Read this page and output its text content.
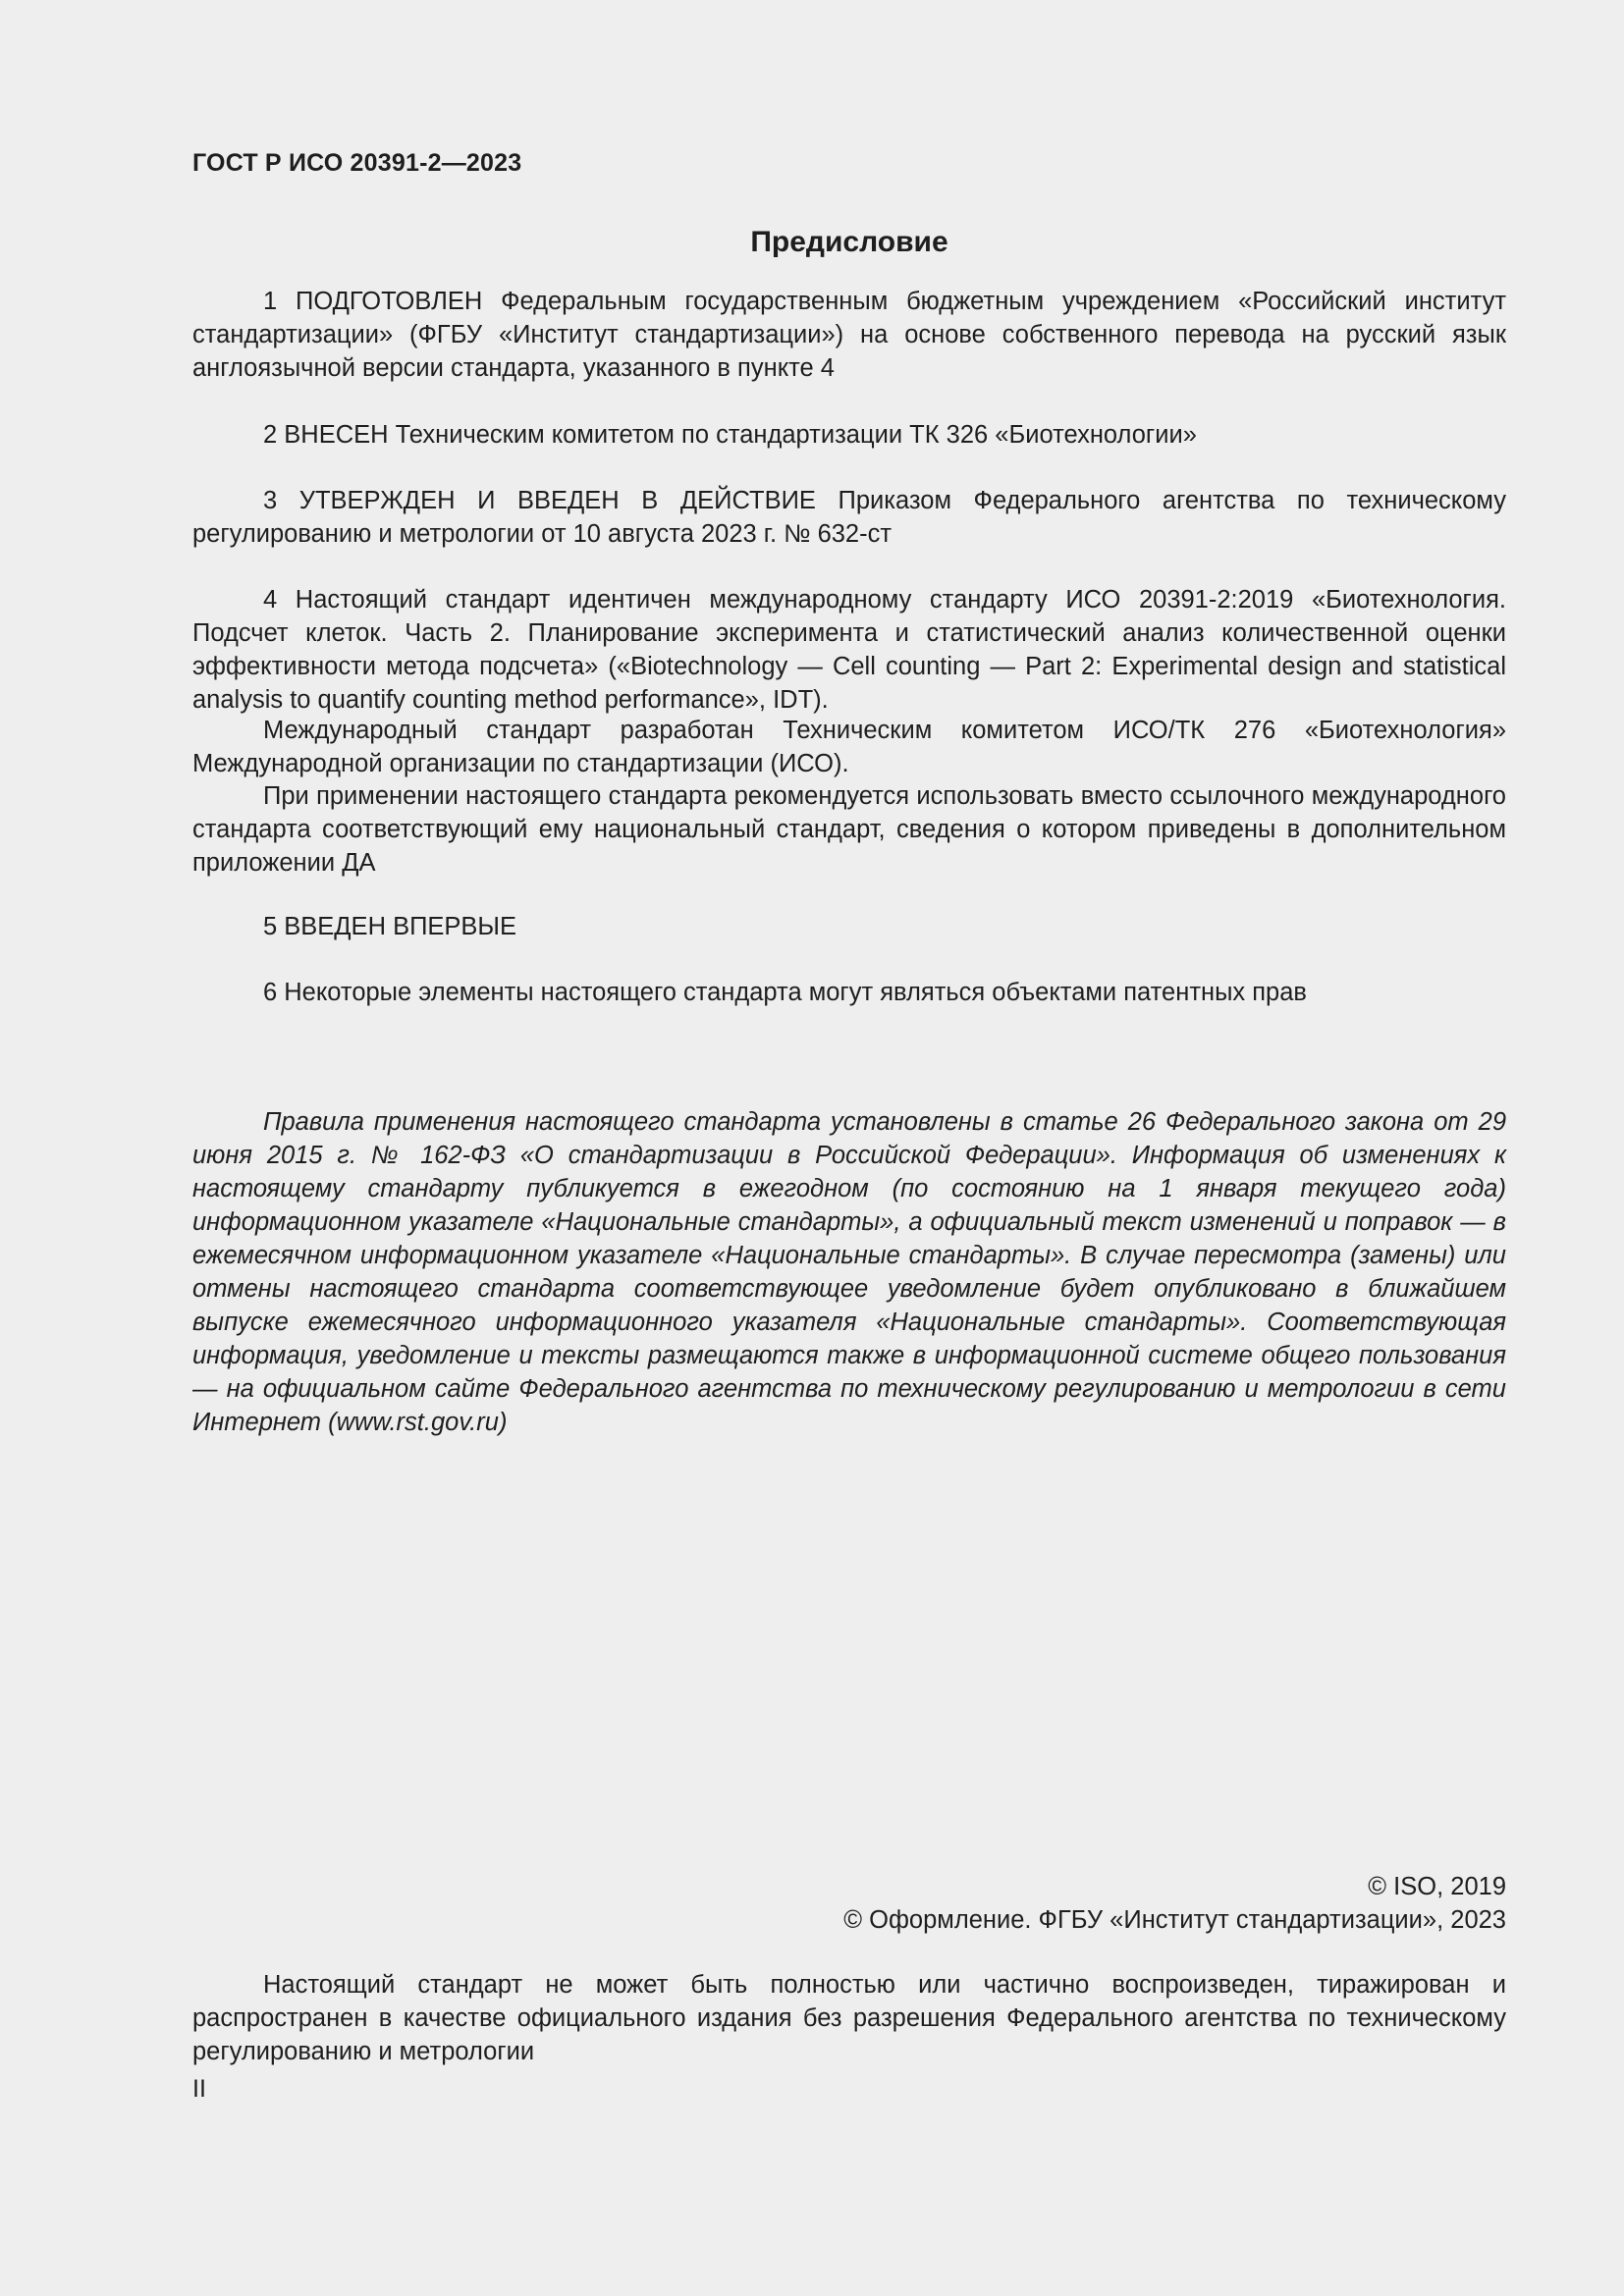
ГОСТ Р ИСО 20391-2—2023
Предисловие

1 ПОДГОТОВЛЕН Федеральным государственным бюджетным учреждением «Российский институт стандартизации» (ФГБУ «Институт стандартизации») на основе собственного перевода на русский язык англоязычной версии стандарта, указанного в пункте 4

2 ВНЕСЕН Техническим комитетом по стандартизации ТК 326 «Биотехнологии»

3 УТВЕРЖДЕН И ВВЕДЕН В ДЕЙСТВИЕ Приказом Федерального агентства по техническому регулированию и метрологии от 10 августа 2023 г. № 632-ст

4 Настоящий стандарт идентичен международному стандарту ИСО 20391-2:2019 «Биотехнология. Подсчет клеток. Часть 2. Планирование эксперимента и статистический анализ количественной оценки эффективности метода подсчета» («Biotechnology — Cell counting — Part 2: Experimental design and statistical analysis to quantify counting method performance», IDT).

Международный стандарт разработан Техническим комитетом ИСО/ТК 276 «Биотехнология» Международной организации по стандартизации (ИСО).

При применении настоящего стандарта рекомендуется использовать вместо ссылочного международного стандарта соответствующий ему национальный стандарт, сведения о котором приведены в дополнительном приложении ДА

5 ВВЕДЕН ВПЕРВЫЕ

6 Некоторые элементы настоящего стандарта могут являться объектами патентных прав

Правила применения настоящего стандарта установлены в статье 26 Федерального закона от 29 июня 2015 г. № 162-ФЗ «О стандартизации в Российской Федерации». Информация об изменениях к настоящему стандарту публикуется в ежегодном (по состоянию на 1 января текущего года) информационном указателе «Национальные стандарты», а официальный текст изменений и поправок — в ежемесячном информационном указателе «Национальные стандарты». В случае пересмотра (замены) или отмены настоящего стандарта соответствующее уведомление будет опубликовано в ближайшем выпуске ежемесячного информационного указателя «Национальные стандарты». Соответствующая информация, уведомление и тексты размещаются также в информационной системе общего пользования — на официальном сайте Федерального агентства по техническому регулированию и метрологии в сети Интернет (www.rst.gov.ru)

© ISO, 2019
© Оформление. ФГБУ «Институт стандартизации», 2023

Настоящий стандарт не может быть полностью или частично воспроизведен, тиражирован и распространен в качестве официального издания без разрешения Федерального агентства по техническому регулированию и метрологии

II
